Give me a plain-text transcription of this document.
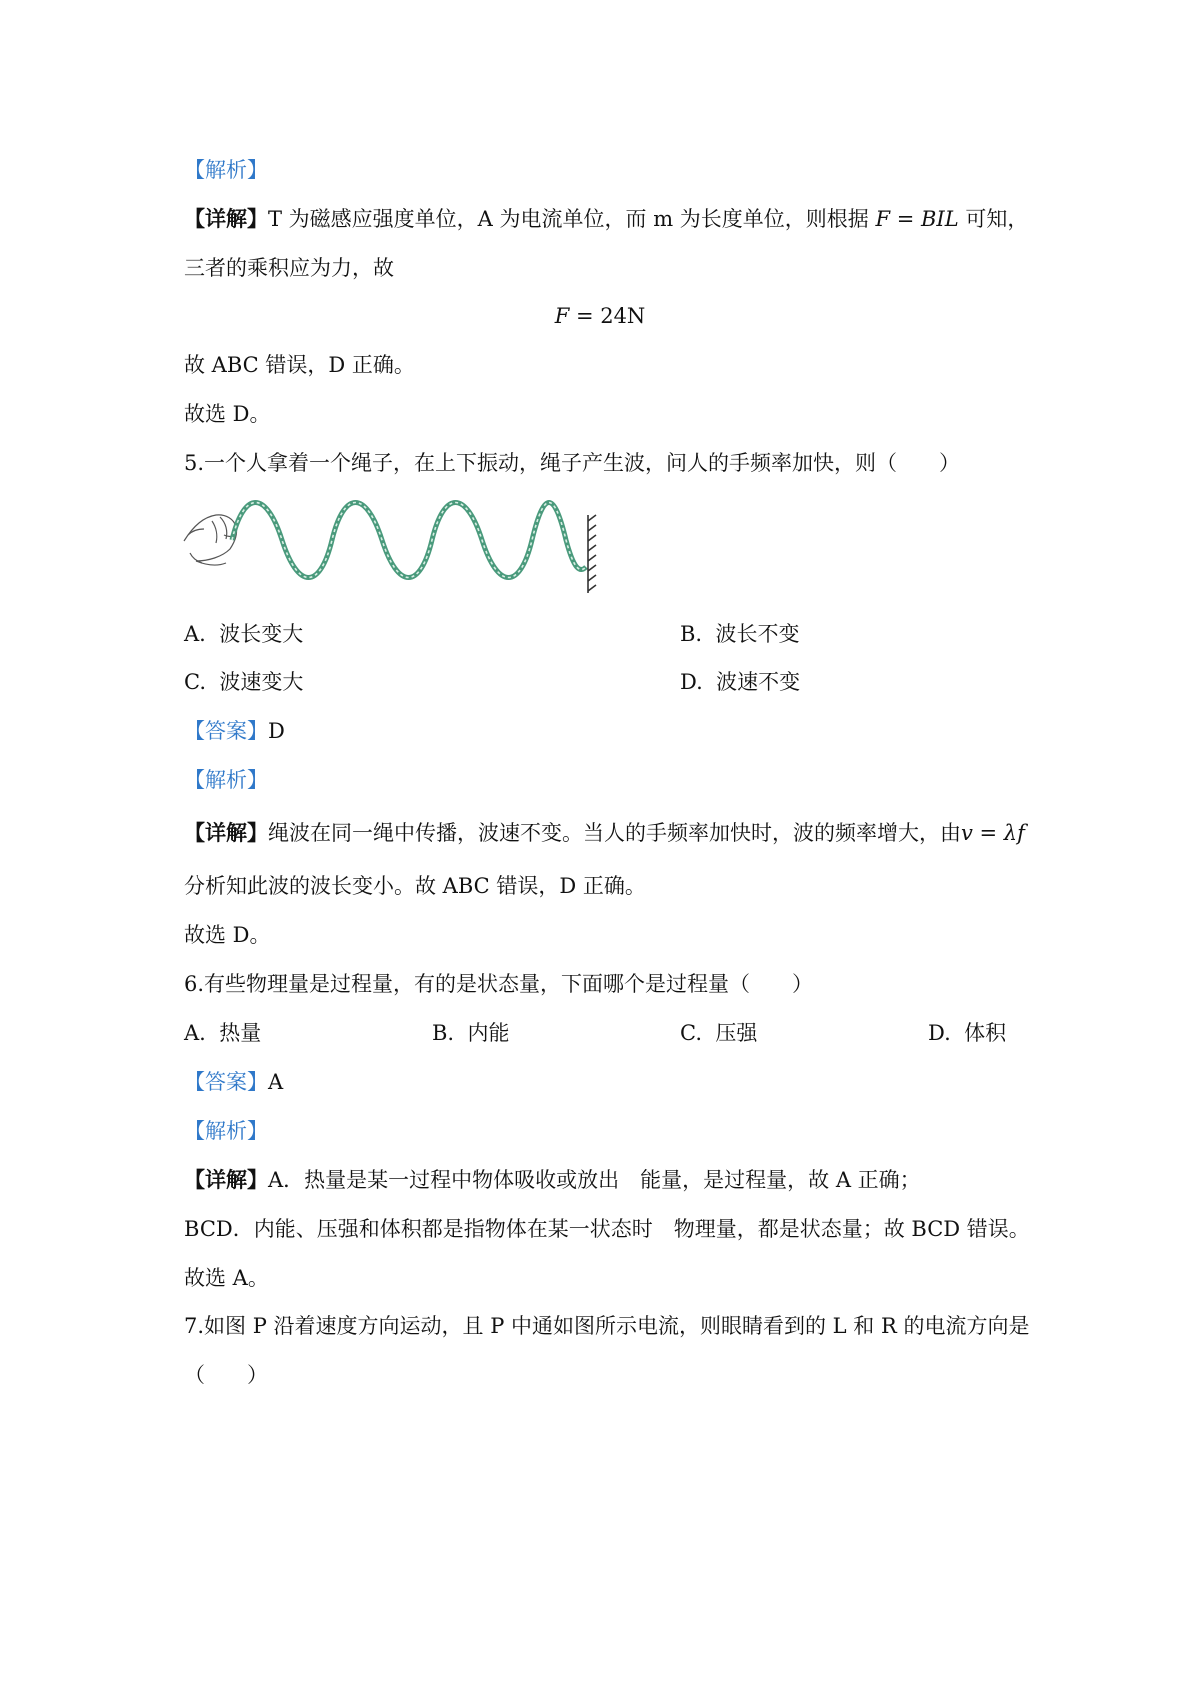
【解析】
【详解】T 为磁感应强度单位，A 为电流单位，而 m 为长度单位，则根据 F = BIL 可知，
三者的乘积应为力，故
F = 24N
故 ABC 错误，D 正确。
故选 D。
5.一个人拿着一个绳子，在上下振动，绳子产生波，问人的手频率加快，则（　　）
A. 波长变大	B. 波长不变
C. 波速变大	D. 波速不变
【答案】D
【解析】
【详解】绳波在同一绳中传播，波速不变。当人的手频率加快时，波的频率增大，由v = λf
分析知此波的波长变小。故 ABC 错误，D 正确。
故选 D。
6.有些物理量是过程量，有的是状态量，下面哪个是过程量（　　）
A. 热量	B. 内能	C. 压强	D. 体积
【答案】A
【解析】
【详解】A．热量是某一过程中物体吸收或放出　能量，是过程量，故 A 正确；
BCD．内能、压强和体积都是指物体在某一状态时　物理量，都是状态量；故 BCD 错误。
故选 A。
7.如图 P 沿着速度方向运动，且 P 中通如图所示电流，则眼睛看到的 L 和 R 的电流方向是
（　　）
